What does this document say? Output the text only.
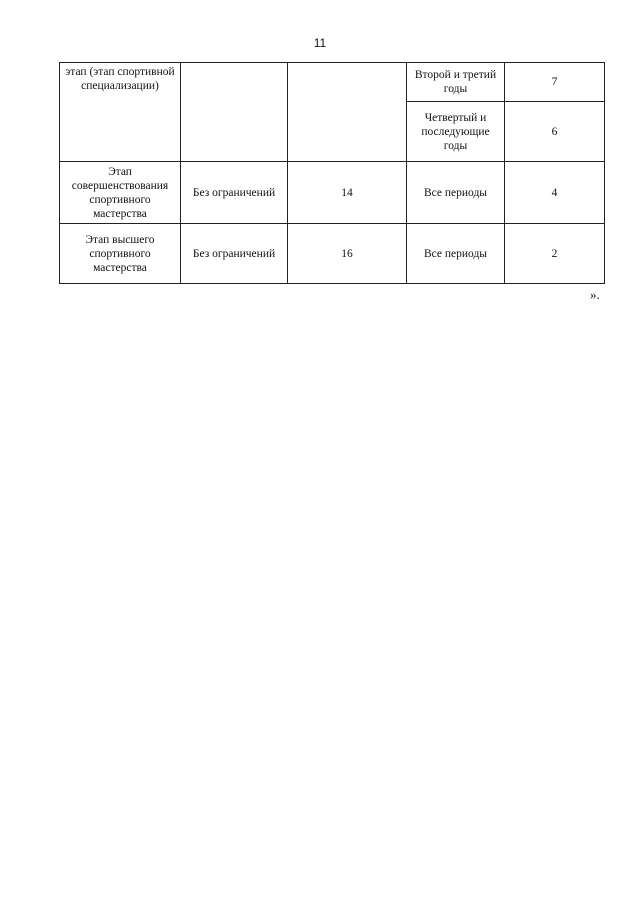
11
этап (этап спортивной специализации)			Второй и третий годы	7

			Четвертый и последующие годы	6

Этап совершенствования спортивного мастерства	Без ограничений	14	Все периоды	4

Этап высшего спортивного мастерства	Без ограничений	16	Все периоды	2
».
